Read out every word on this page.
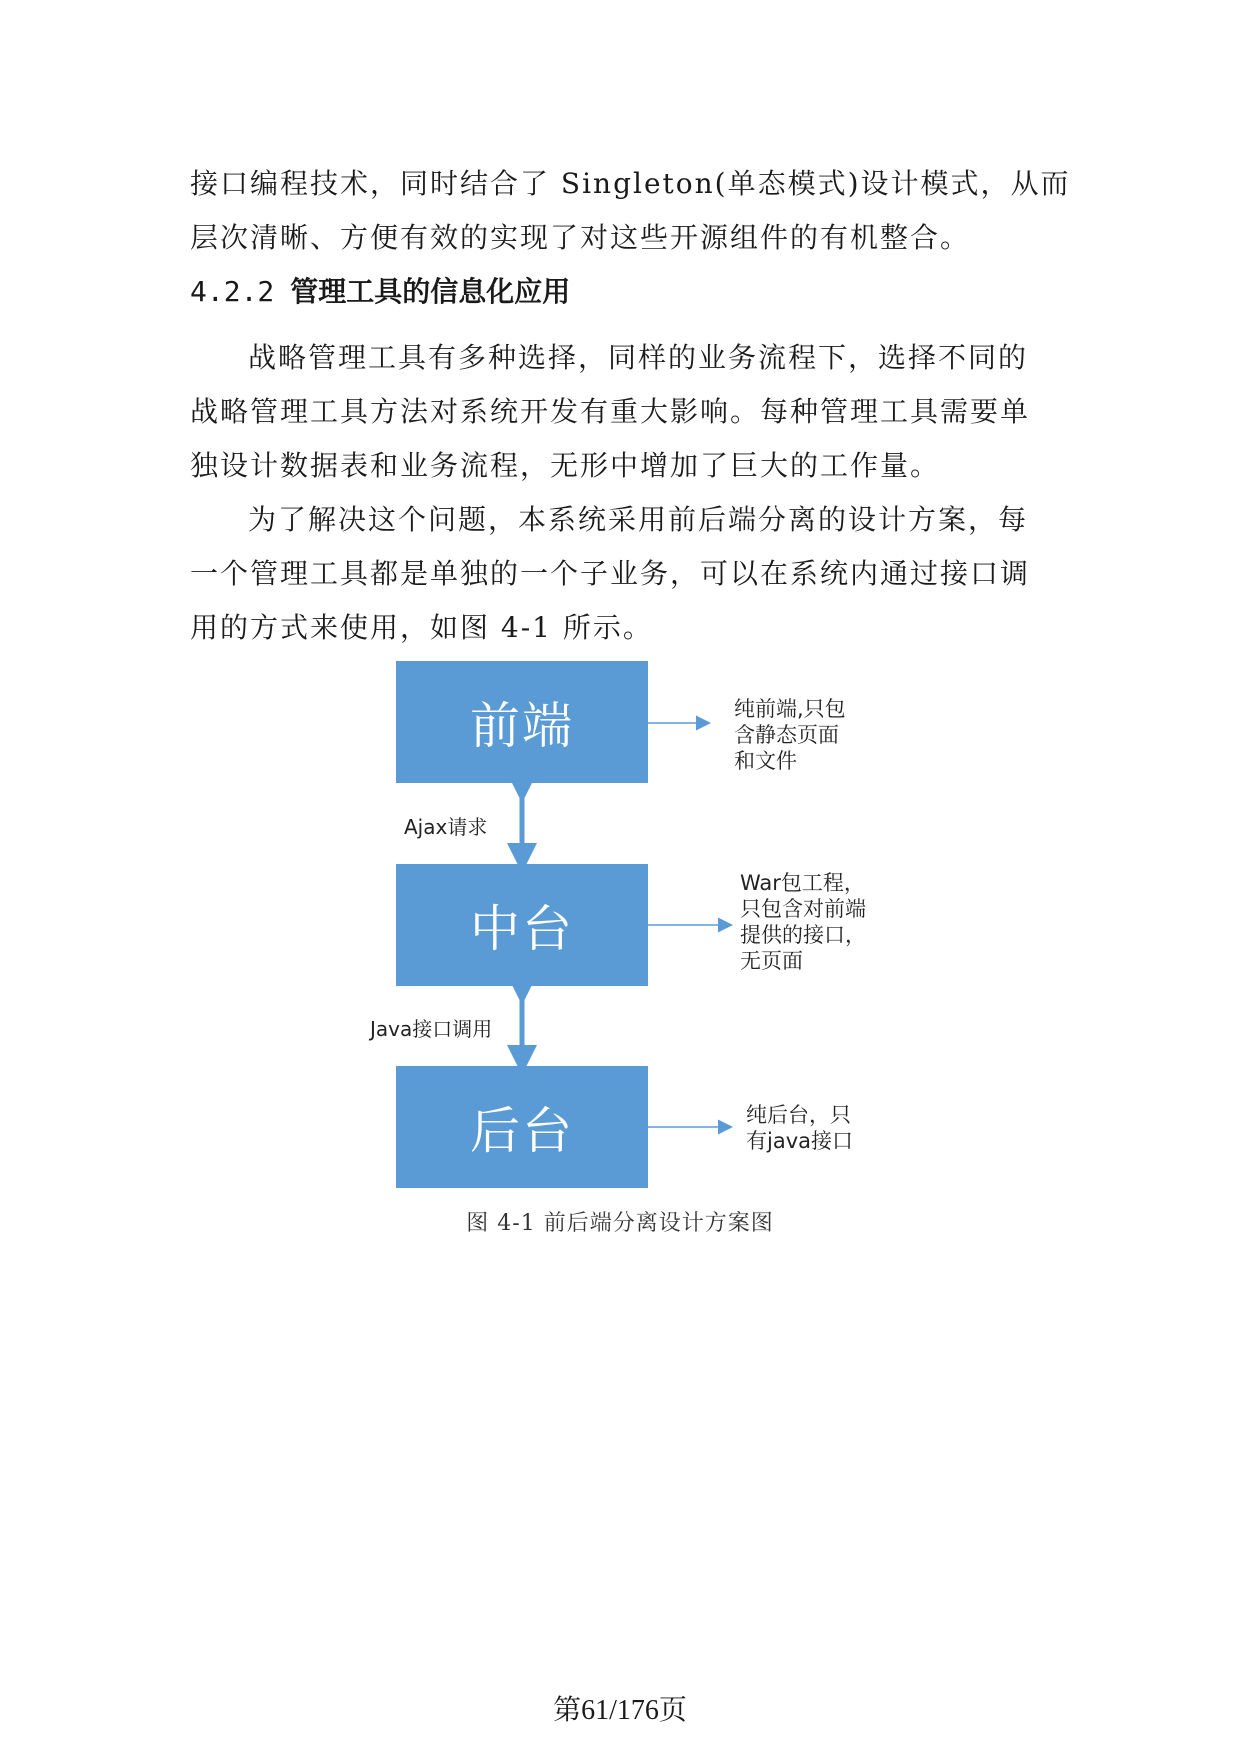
接口编程技术，同时结合了 Singleton(单态模式)设计模式，从而
层次清晰、方便有效的实现了对这些开源组件的有机整合。
4.2.2 管理工具的信息化应用
战略管理工具有多种选择，同样的业务流程下，选择不同的
战略管理工具方法对系统开发有重大影响。每种管理工具需要单
独设计数据表和业务流程，无形中增加了巨大的工作量。
为了解决这个问题，本系统采用前后端分离的设计方案，每
一个管理工具都是单独的一个子业务，可以在系统内通过接口调
用的方式来使用，如图 4-1 所示。
前端
中台
后台
纯前端,只包
含静态页面
和文件
War包工程，
只包含对前端
提供的接口，
无页面
纯后台，只
有java接口
Ajax请求
Java接口调用
图 4-1 前后端分离设计方案图
第61/176页
